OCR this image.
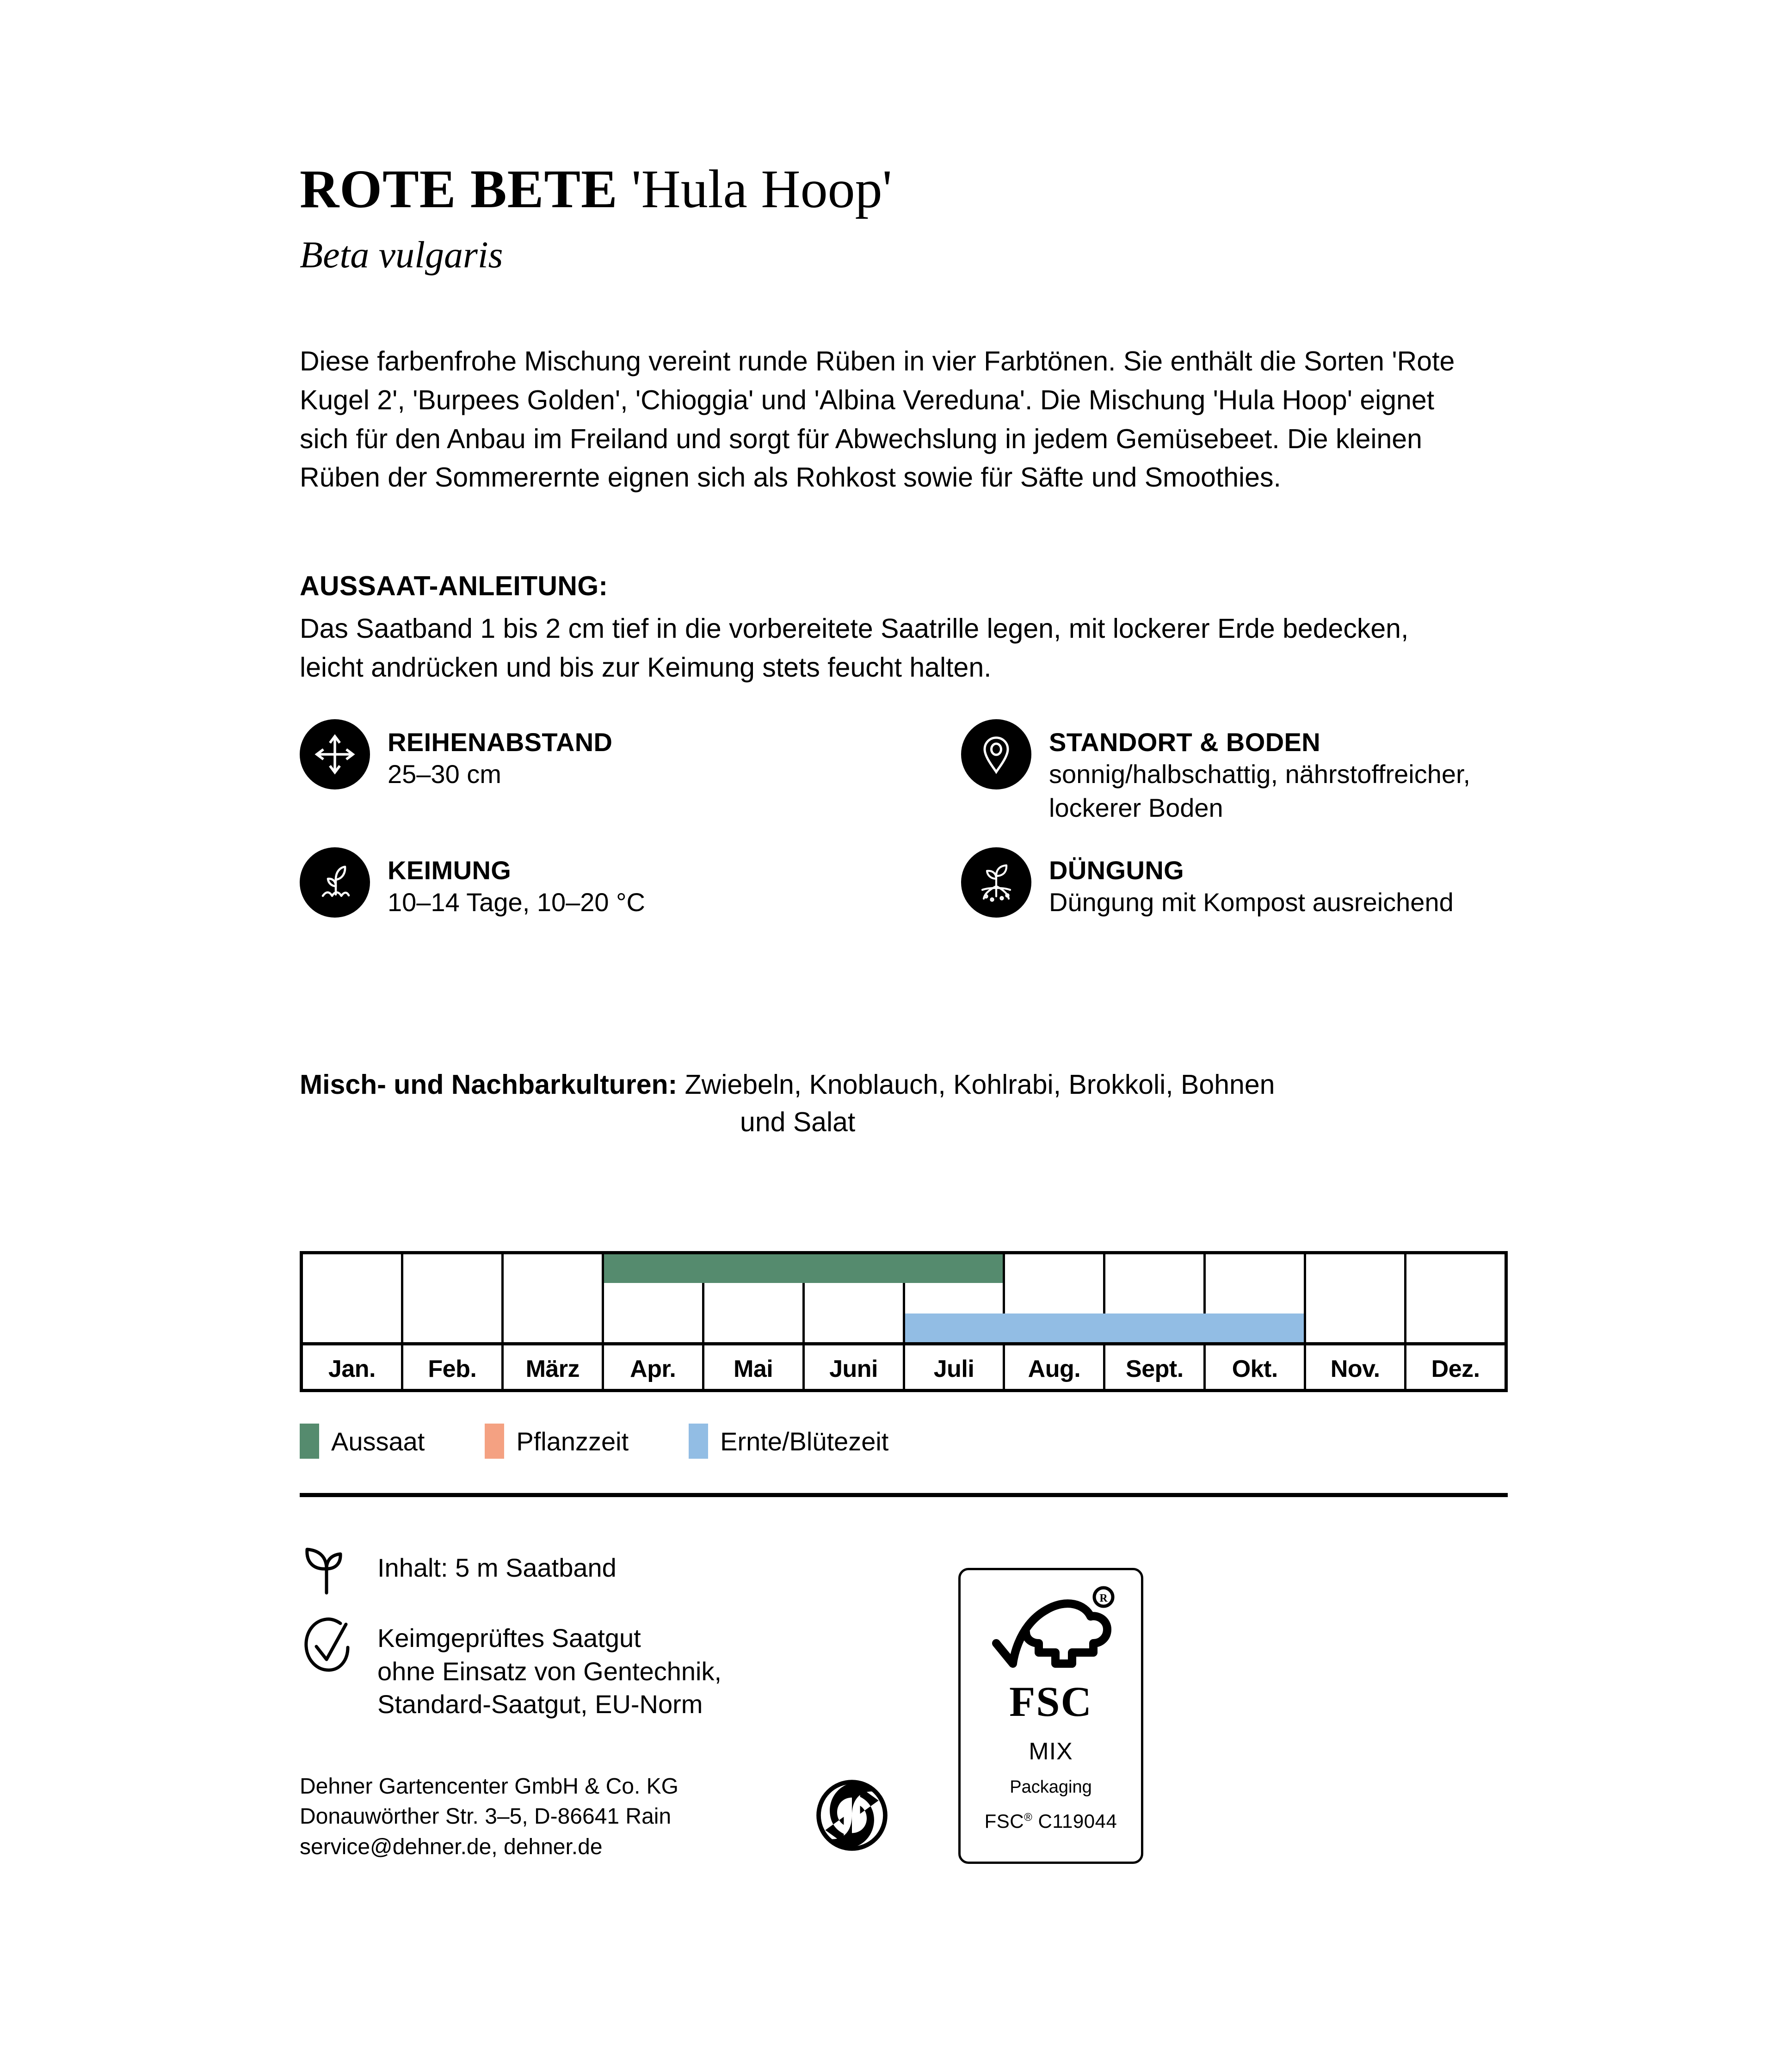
ROTE BETE 'Hula Hoop'
Beta vulgaris
Diese farbenfrohe Mischung vereint runde Rüben in vier Farbtönen. Sie enthält die Sorten 'Rote Kugel 2', 'Burpees Golden', 'Chioggia' und 'Albina Vereduna'. Die Mischung 'Hula Hoop' eignet sich für den Anbau im Freiland und sorgt für Abwechslung in jedem Gemüsebeet. Die kleinen Rüben der Sommerernte eignen sich als Rohkost sowie für Säfte und Smoothies.
AUSSAAT-ANLEITUNG:
Das Saatband 1 bis 2 cm tief in die vorbereitete Saatrille legen, mit lockerer Erde bedecken, leicht andrücken und bis zur Keimung stets feucht halten.
REIHENABSTAND
25–30 cm
STANDORT & BODEN
sonnig/halbschattig, nährstoffreicher, lockerer Boden
KEIMUNG
10–14 Tage, 10–20 °C
DÜNGUNG
Düngung mit Kompost ausreichend
Misch- und Nachbarkulturen: Zwiebeln, Knoblauch, Kohlrabi, Brokkoli, Bohnen
und Salat
Jan.	Feb.	März	Apr.	Mai	Juni	Juli	Aug.	Sept.	Okt.	Nov.	Dez.
Aussaat	Pflanzzeit	Ernte/Blütezeit
Inhalt: 5 m Saatband
Keimgeprüftes Saatgut
ohne Einsatz von Gentechnik,
Standard-Saatgut, EU-Norm
Dehner Gartencenter GmbH & Co. KG
Donauwörther Str. 3–5, D-86641 Rain
service@dehner.de, dehner.de
R
FSC
MIX
Packaging
FSC® C119044
